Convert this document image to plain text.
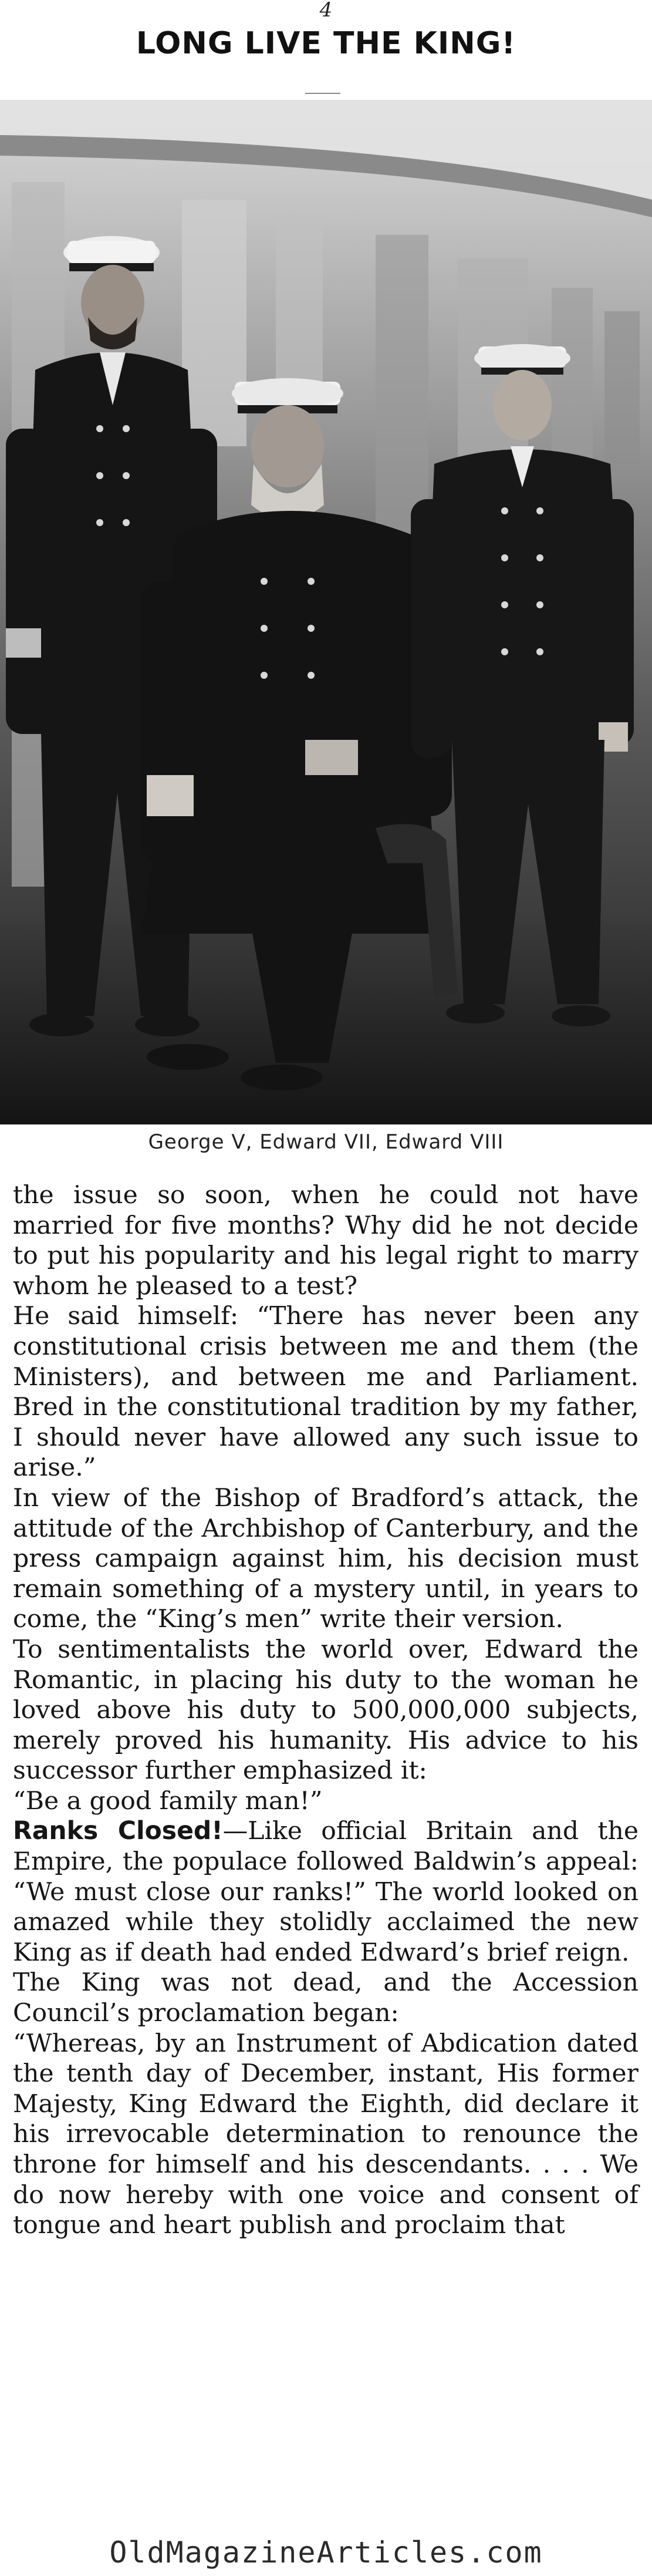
4
LONG LIVE THE KING!
George V, Edward VII, Edward VIII

the issue so soon, when he could not have married for five months? Why did he not decide to put his popularity and his legal right to marry whom he pleased to a test?

He said himself: “There has never been any constitutional crisis between me and them (the Ministers), and between me and Parliament. Bred in the constitutional tradition by my father, I should never have allowed any such issue to arise.”

In view of the Bishop of Bradford’s attack, the attitude of the Archbishop of Canterbury, and the press campaign against him, his decision must remain something of a mystery until, in years to come, the “King’s men” write their version.

To sentimentalists the world over, Edward the Romantic, in placing his duty to the woman he loved above his duty to 500,000,000 subjects, merely proved his humanity. His advice to his successor further emphasized it:

“Be a good family man!”

Ranks Closed!—Like official Britain and the Empire, the populace followed Baldwin’s appeal: “We must close our ranks!” The world looked on amazed while they stolidly acclaimed the new King as if death had ended Edward’s brief reign.

The King was not dead, and the Accession Council’s proclamation began:

“Whereas, by an Instrument of Abdication dated the tenth day of December, instant, His former Majesty, King Edward the Eighth, did declare it his irrevocable determination to renounce the throne for himself and his descendants. . . . We do now hereby with one voice and consent of tongue and heart publish and proclaim that

OldMagazineArticles.com
